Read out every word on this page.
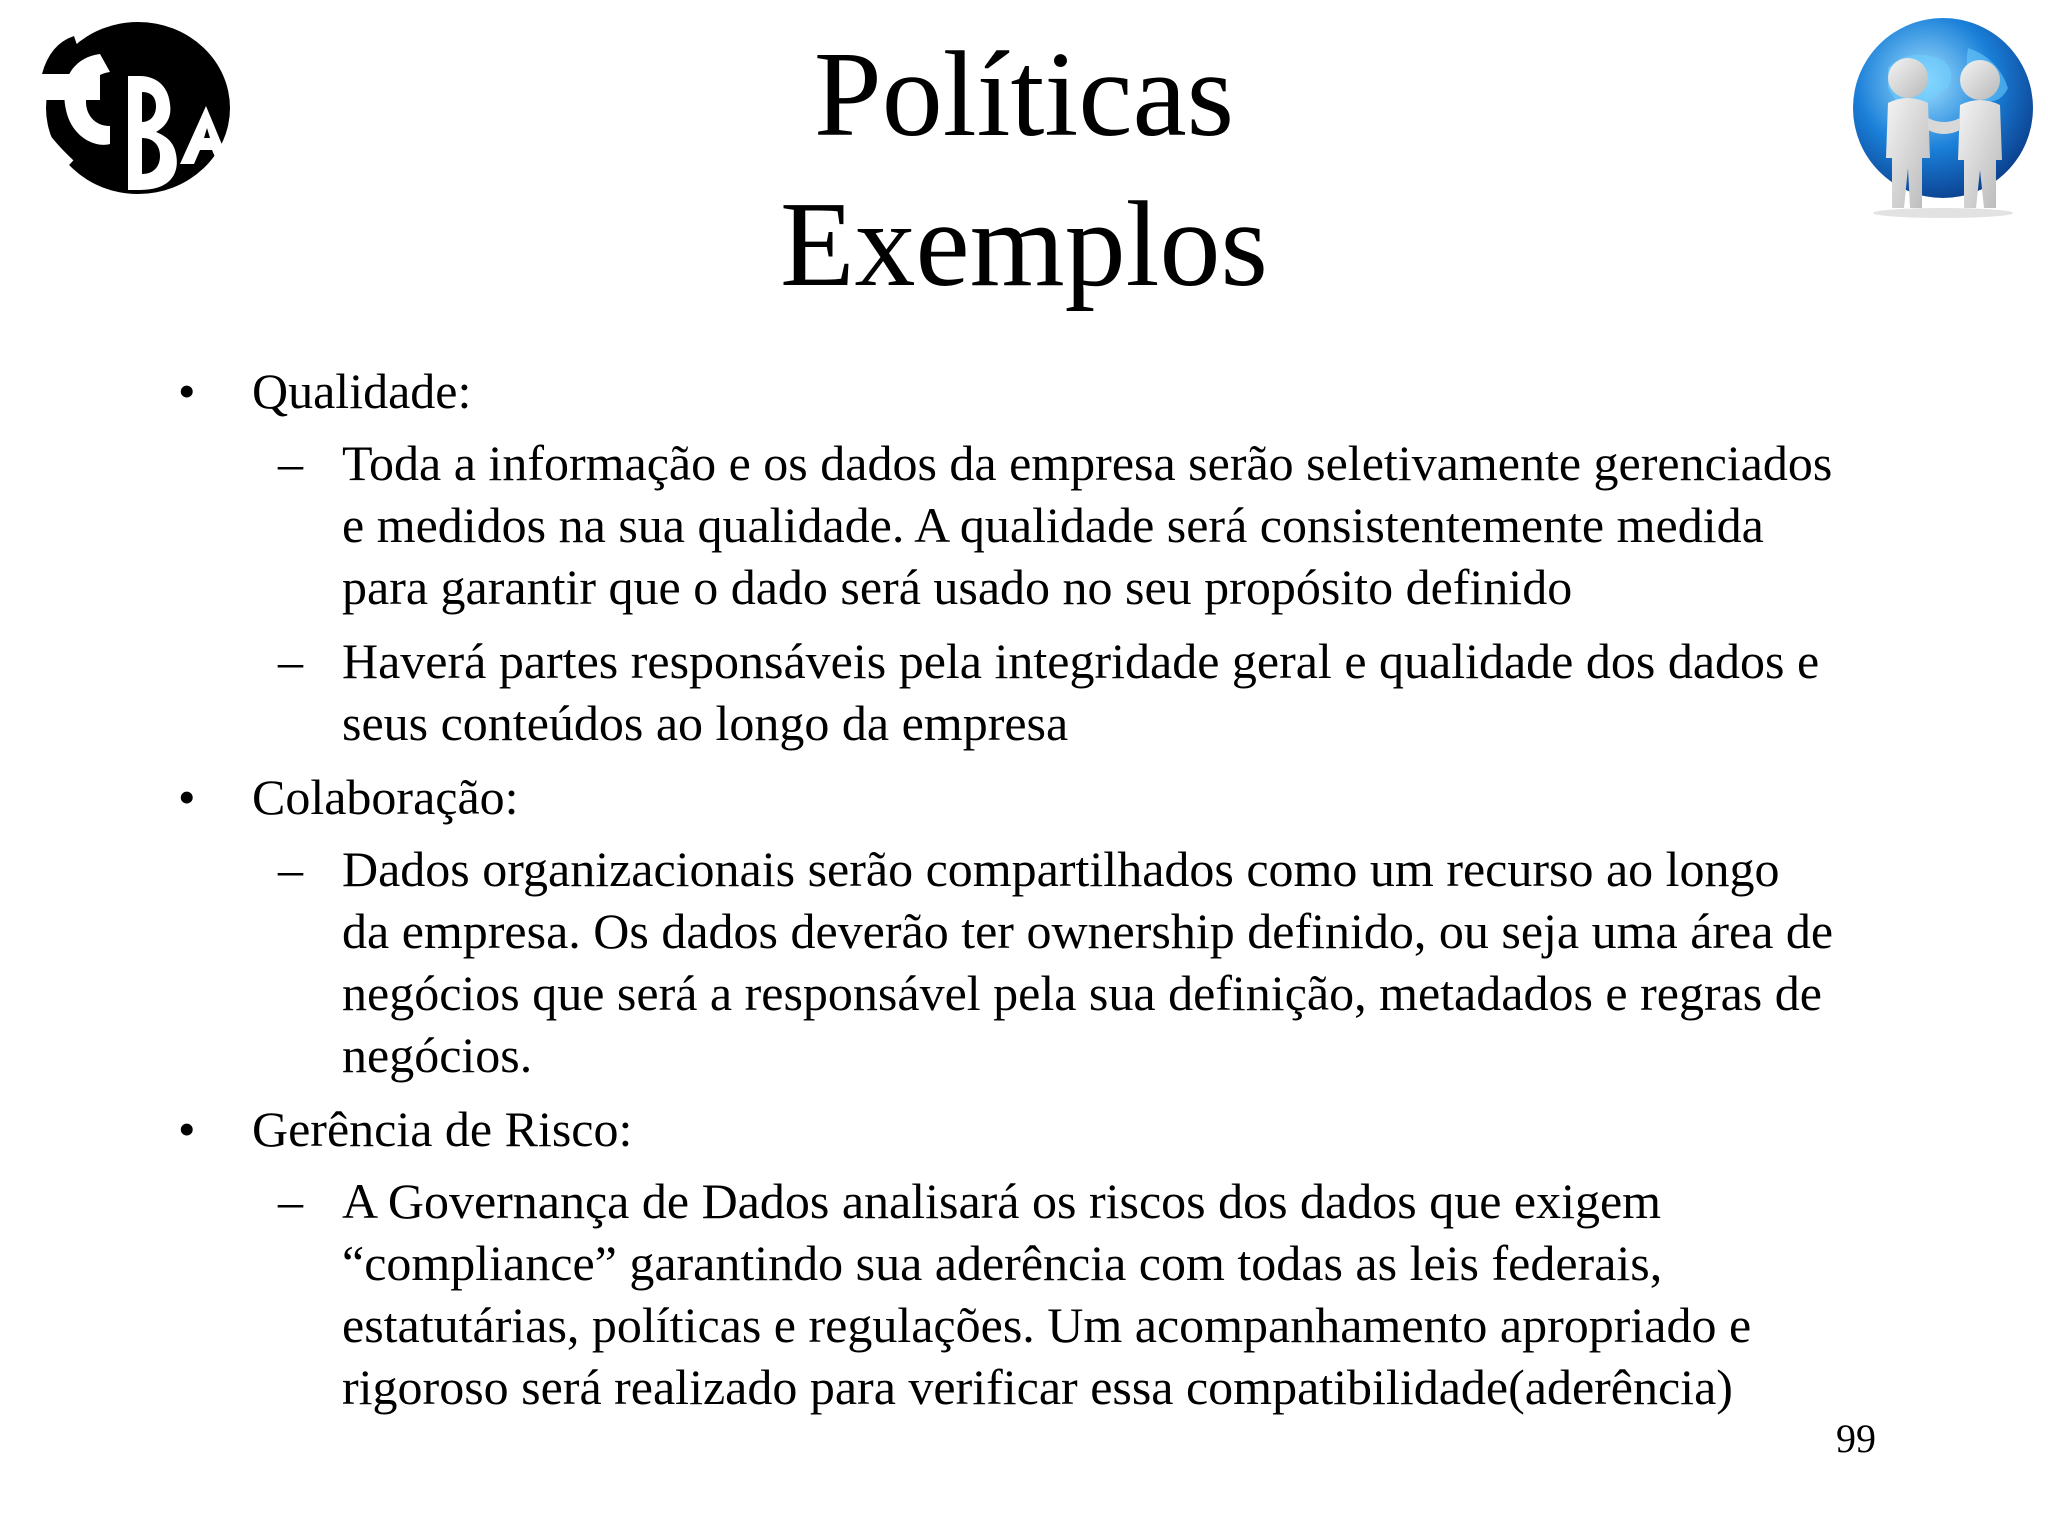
Políticas
Exemplos
• Qualidade:
– Toda a informação e os dados da empresa serão seletivamente gerenciados
e medidos na sua qualidade. A qualidade será consistentemente medida
para garantir que o dado será usado no seu propósito definido
– Haverá partes responsáveis pela integridade geral e qualidade dos dados e
seus conteúdos ao longo da empresa
• Colaboração:
– Dados organizacionais serão compartilhados como um recurso ao longo
da empresa. Os dados deverão ter ownership definido, ou seja uma área de
negócios que será a responsável pela sua definição, metadados e regras de
negócios.
• Gerência de Risco:
– A Governança de Dados analisará os riscos dos dados que exigem
“compliance” garantindo sua aderência com todas as leis federais,
estatutárias, políticas e regulações. Um acompanhamento apropriado e
rigoroso será realizado para verificar essa compatibilidade(aderência)
99
